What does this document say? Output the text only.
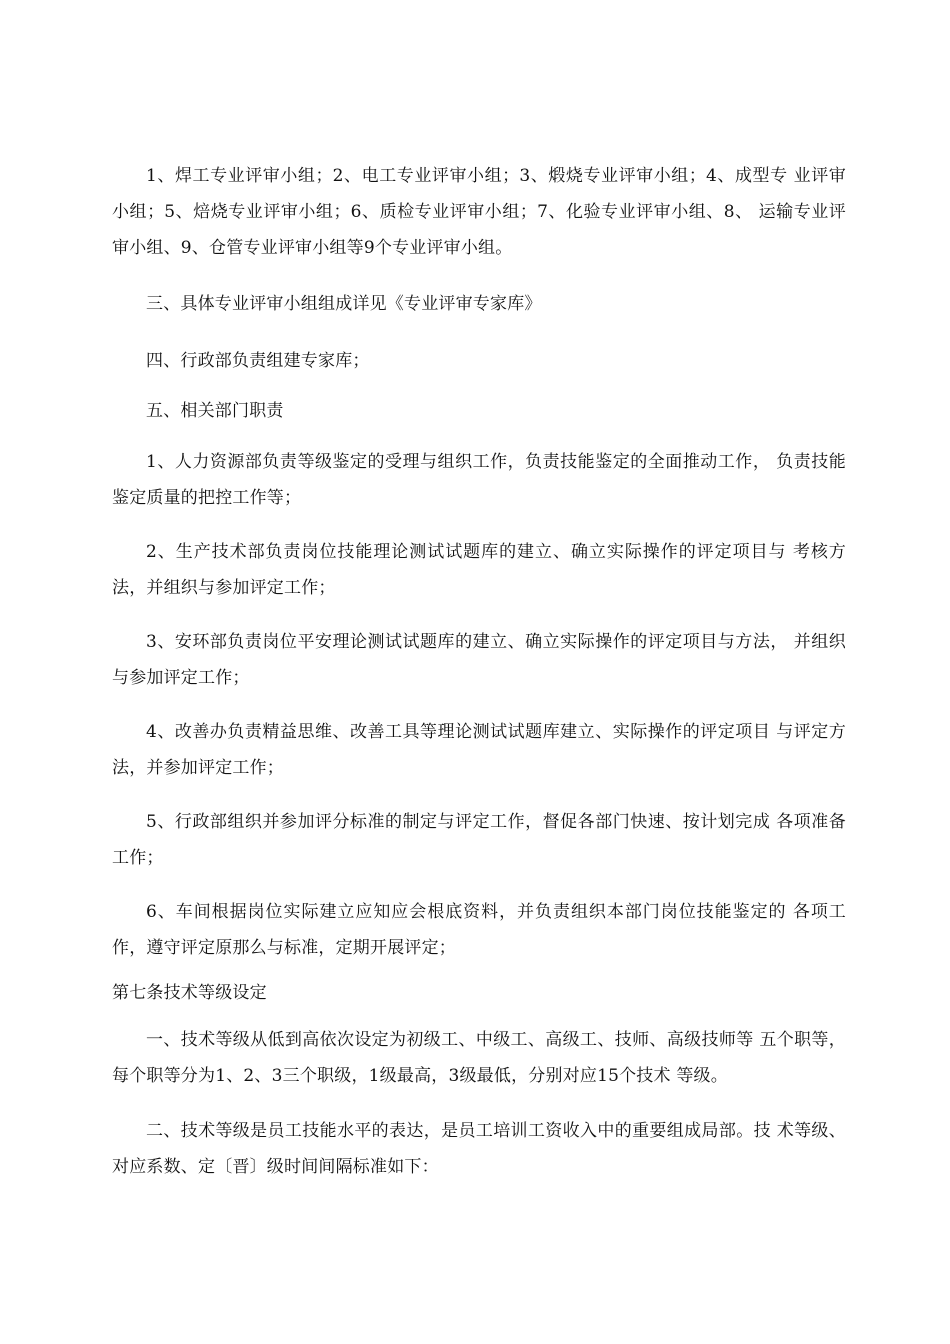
1、焊工专业评审小组；2、电工专业评审小组；3、煅烧专业评审小组；4、成型专 业评审小组；5、焙烧专业评审小组；6、质检专业评审小组；7、化验专业评审小组、8、 运输专业评审小组、9、仓管专业评审小组等9个专业评审小组。

三、具体专业评审小组组成详见《专业评审专家库》

四、行政部负责组建专家库；

五、相关部门职责

1、人力资源部负责等级鉴定的受理与组织工作，负责技能鉴定的全面推动工作， 负责技能鉴定质量的把控工作等；

2、生产技术部负责岗位技能理论测试试题库的建立、确立实际操作的评定项目与 考核方法，并组织与参加评定工作；

3、安环部负责岗位平安理论测试试题库的建立、确立实际操作的评定项目与方法， 并组织与参加评定工作；

4、改善办负责精益思维、改善工具等理论测试试题库建立、实际操作的评定项目 与评定方法，并参加评定工作；

5、行政部组织并参加评分标准的制定与评定工作，督促各部门快速、按计划完成 各项准备工作；

6、车间根据岗位实际建立应知应会根底资料，并负责组织本部门岗位技能鉴定的 各项工作，遵守评定原那么与标准，定期开展评定；

第七条技术等级设定

一、技术等级从低到高依次设定为初级工、中级工、高级工、技师、高级技师等 五个职等，每个职等分为1、2、3三个职级，1级最高，3级最低，分别对应15个技术 等级。

二、技术等级是员工技能水平的表达，是员工培训工资收入中的重要组成局部。技 术等级、对应系数、定〔晋〕级时间间隔标准如下：
